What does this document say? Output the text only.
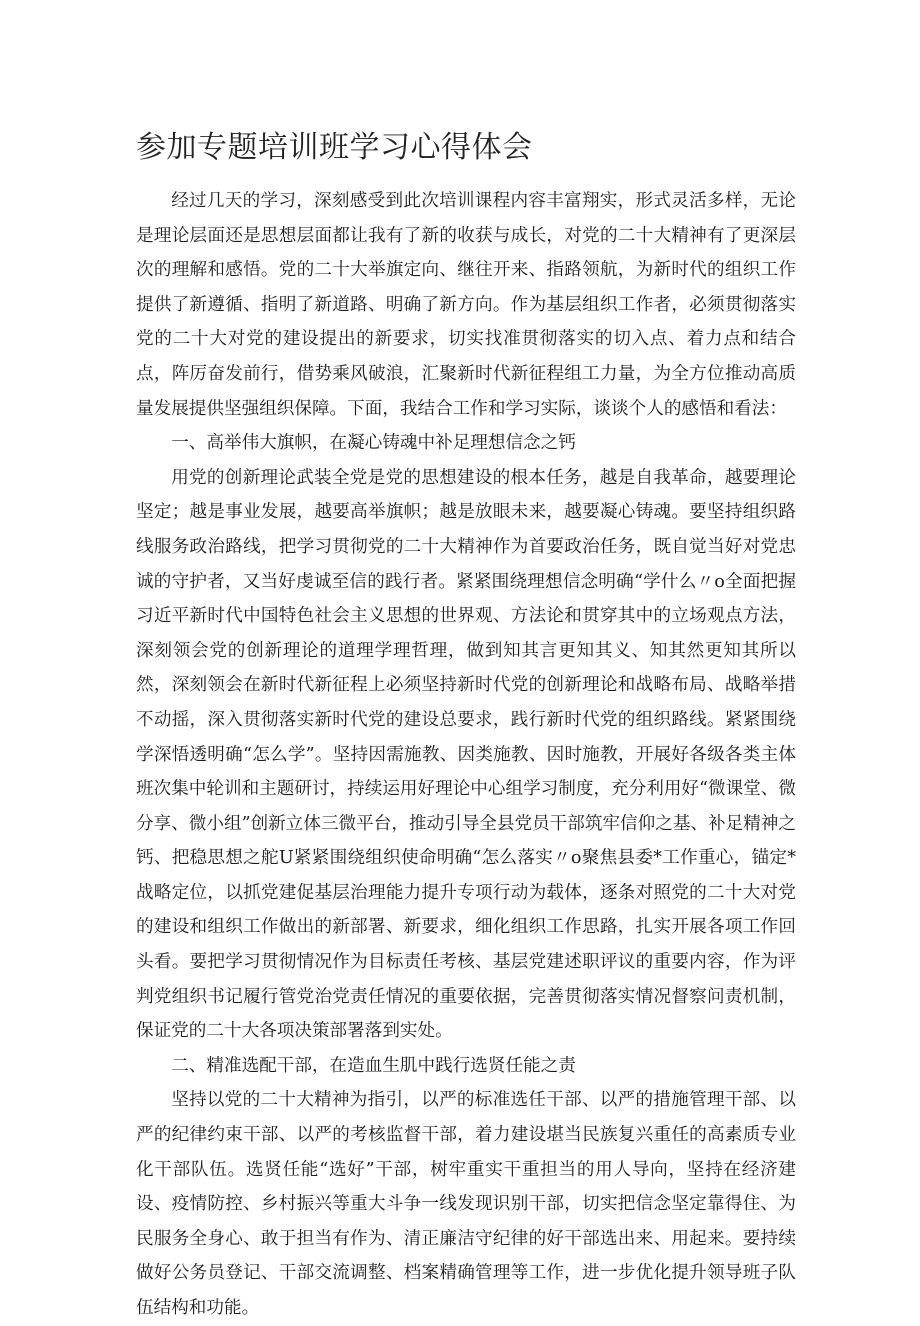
参加专题培训班学习心得体会

经过几天的学习，深刻感受到此次培训课程内容丰富翔实，形式灵活多样，无论是理论层面还是思想层面都让我有了新的收获与成长，对党的二十大精神有了更深层次的理解和感悟。党的二十大举旗定向、继往开来、指路领航，为新时代的组织工作提供了新遵循、指明了新道路、明确了新方向。作为基层组织工作者，必须贯彻落实党的二十大对党的建设提出的新要求，切实找准贯彻落实的切入点、着力点和结合点，阵厉奋发前行，借势乘风破浪，汇聚新时代新征程组工力量，为全方位推动高质量发展提供坚强组织保障。下面，我结合工作和学习实际，谈谈个人的感悟和看法：

一、高举伟大旗帜，在凝心铸魂中补足理想信念之钙

用党的创新理论武装全党是党的思想建设的根本任务，越是自我革命，越要理论坚定；越是事业发展，越要高举旗帜；越是放眼未来，越要凝心铸魂。要坚持组织路线服务政治路线，把学习贯彻党的二十大精神作为首要政治任务，既自觉当好对党忠诚的守护者，又当好虔诚至信的践行者。紧紧围绕理想信念明确“学什么〃o全面把握习近平新时代中国特色社会主义思想的世界观、方法论和贯穿其中的立场观点方法，深刻领会党的创新理论的道理学理哲理，做到知其言更知其义、知其然更知其所以然，深刻领会在新时代新征程上必须坚持新时代党的创新理论和战略布局、战略举措不动摇，深入贯彻落实新时代党的建设总要求，践行新时代党的组织路线。紧紧围绕学深悟透明确“怎么学”。坚持因需施教、因类施教、因时施教，开展好各级各类主体班次集中轮训和主题研讨，持续运用好理论中心组学习制度，充分利用好“微课堂、微分享、微小组”创新立体三微平台，推动引导全县党员干部筑牢信仰之基、补足精神之钙、把稳思想之舵U紧紧围绕组织使命明确“怎么落实〃o聚焦县委*工作重心，锚定*战略定位，以抓党建促基层治理能力提升专项行动为载体，逐条对照党的二十大对党的建设和组织工作做出的新部署、新要求，细化组织工作思路，扎实开展各项工作回头看。要把学习贯彻情况作为目标责任考核、基层党建述职评议的重要内容，作为评判党组织书记履行管党治党责任情况的重要依据，完善贯彻落实情况督察问责机制，保证党的二十大各项决策部署落到实处。

二、精准选配干部，在造血生肌中践行选贤任能之责

坚持以党的二十大精神为指引，以严的标准选任干部、以严的措施管理干部、以严的纪律约束干部、以严的考核监督干部，着力建设堪当民族复兴重任的高素质专业化干部队伍。选贤任能“选好”干部，树牢重实干重担当的用人导向，坚持在经济建设、疫情防控、乡村振兴等重大斗争一线发现识别干部，切实把信念坚定靠得住、为民服务全身心、敢于担当有作为、清正廉洁守纪律的好干部选出来、用起来。要持续做好公务员登记、干部交流调整、档案精确管理等工作，进一步优化提升领导班子队伍结构和功能。
